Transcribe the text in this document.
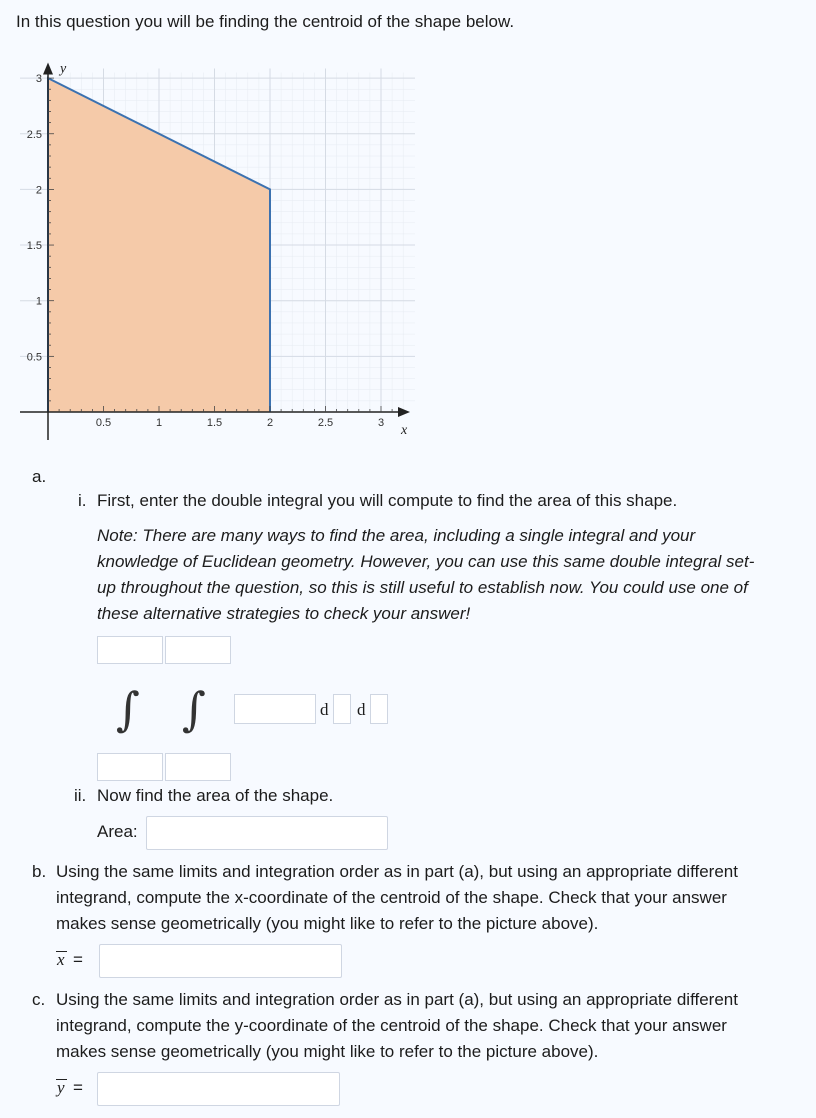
In this question you will be finding the centroid of the shape below.
0.5	1	1.5	2	2.5	3
0.5
1
1.5
2
2.5
3
y
x
a.
i. First, enter the double integral you will compute to find the area of this shape.
Note: There are many ways to find the area, including a single integral and your
knowledge of Euclidean geometry. However, you can use this same double integral set-
up throughout the question, so this is still useful to establish now. You could use one of
these alternative strategies to check your answer!
∫ ∫	d d
ii. Now find the area of the shape.
Area:
b. Using the same limits and integration order as in part (a), but using an appropriate different
integrand, compute the x-coordinate of the centroid of the shape. Check that your answer
makes sense geometrically (you might like to refer to the picture above).
x =
c. Using the same limits and integration order as in part (a), but using an appropriate different
integrand, compute the y-coordinate of the centroid of the shape. Check that your answer
makes sense geometrically (you might like to refer to the picture above).
y =
